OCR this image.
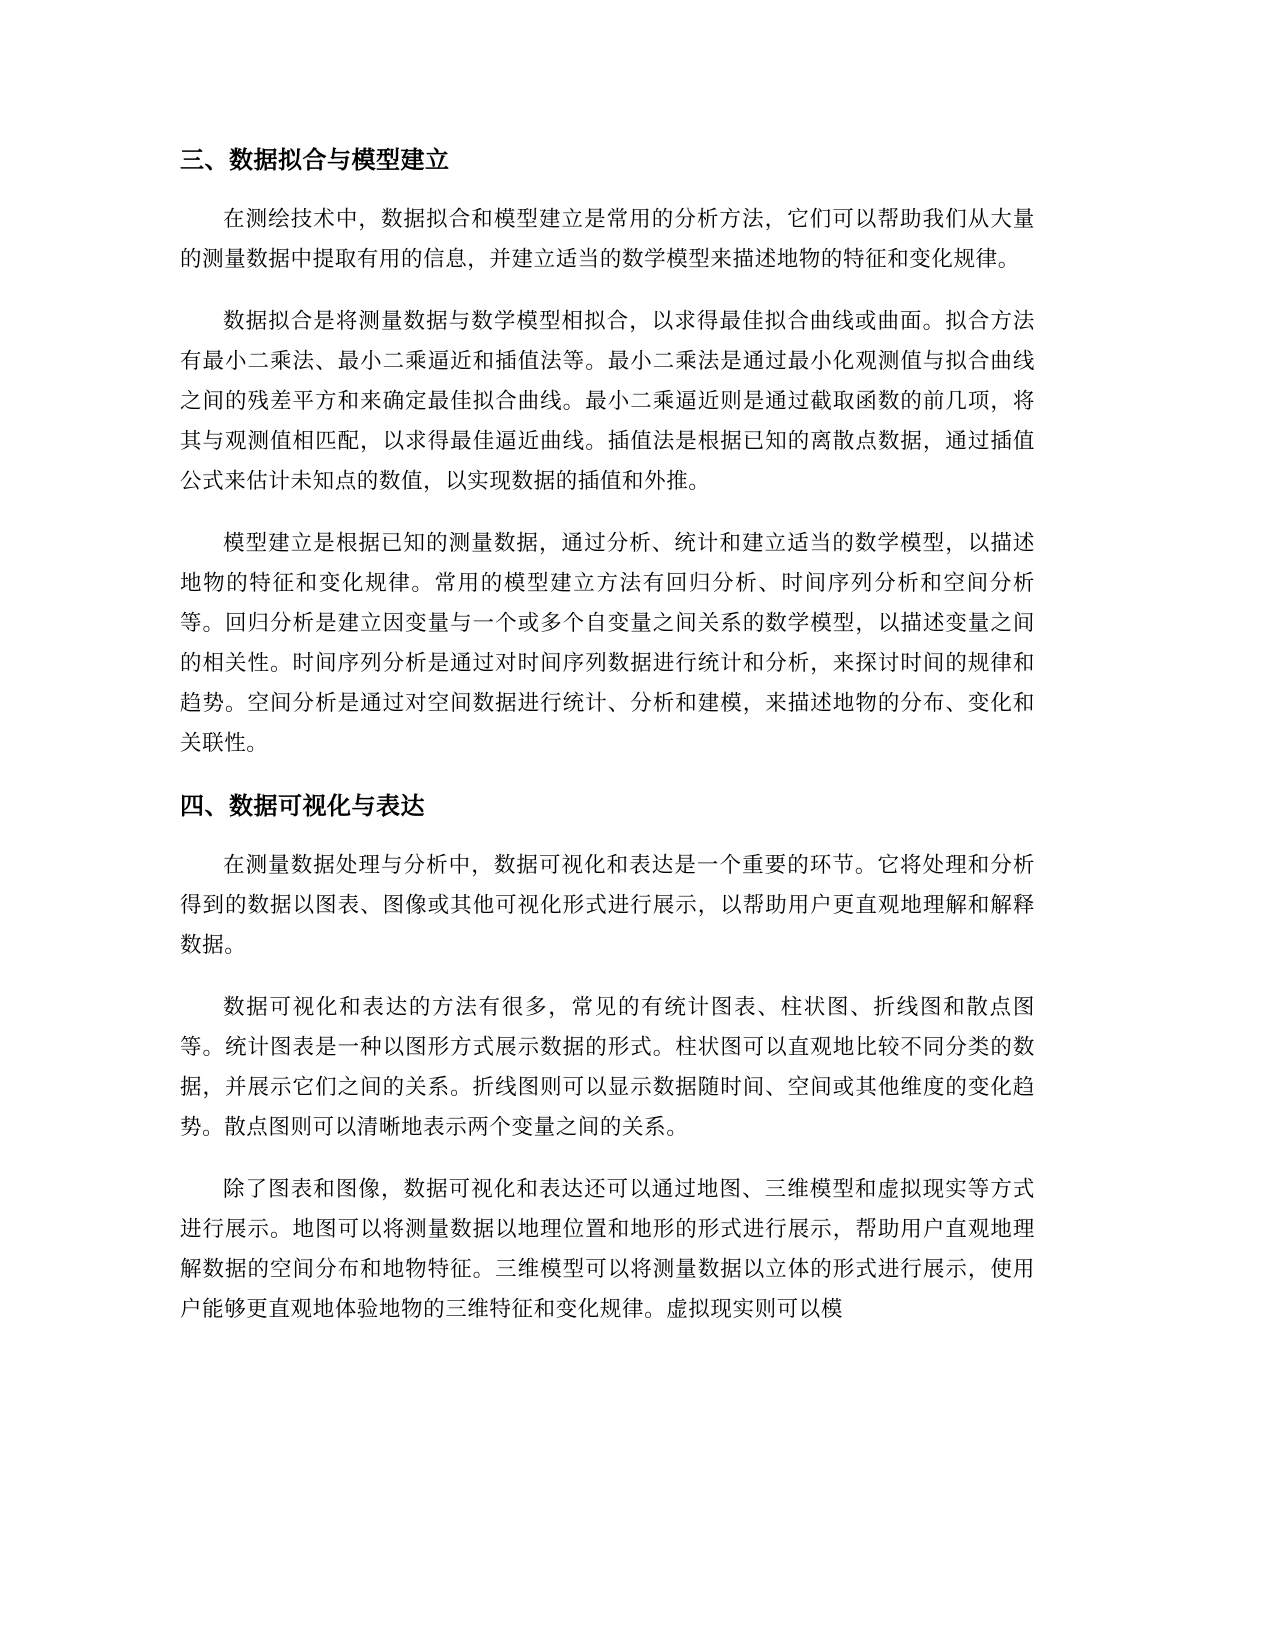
三、数据拟合与模型建立

在测绘技术中，数据拟合和模型建立是常用的分析方法，它们可以帮助我们从大量的测量数据中提取有用的信息，并建立适当的数学模型来描述地物的特征和变化规律。

数据拟合是将测量数据与数学模型相拟合，以求得最佳拟合曲线或曲面。拟合方法有最小二乘法、最小二乘逼近和插值法等。最小二乘法是通过最小化观测值与拟合曲线之间的残差平方和来确定最佳拟合曲线。最小二乘逼近则是通过截取函数的前几项，将其与观测值相匹配，以求得最佳逼近曲线。插值法是根据已知的离散点数据，通过插值公式来估计未知点的数值，以实现数据的插值和外推。

模型建立是根据已知的测量数据，通过分析、统计和建立适当的数学模型，以描述地物的特征和变化规律。常用的模型建立方法有回归分析、时间序列分析和空间分析等。回归分析是建立因变量与一个或多个自变量之间关系的数学模型，以描述变量之间的相关性。时间序列分析是通过对时间序列数据进行统计和分析，来探讨时间的规律和趋势。空间分析是通过对空间数据进行统计、分析和建模，来描述地物的分布、变化和关联性。

四、数据可视化与表达

在测量数据处理与分析中，数据可视化和表达是一个重要的环节。它将处理和分析得到的数据以图表、图像或其他可视化形式进行展示，以帮助用户更直观地理解和解释数据。

数据可视化和表达的方法有很多，常见的有统计图表、柱状图、折线图和散点图等。统计图表是一种以图形方式展示数据的形式。柱状图可以直观地比较不同分类的数据，并展示它们之间的关系。折线图则可以显示数据随时间、空间或其他维度的变化趋势。散点图则可以清晰地表示两个变量之间的关系。

除了图表和图像，数据可视化和表达还可以通过地图、三维模型和虚拟现实等方式进行展示。地图可以将测量数据以地理位置和地形的形式进行展示，帮助用户直观地理解数据的空间分布和地物特征。三维模型可以将测量数据以立体的形式进行展示，使用户能够更直观地体验地物的三维特征和变化规律。虚拟现实则可以模
